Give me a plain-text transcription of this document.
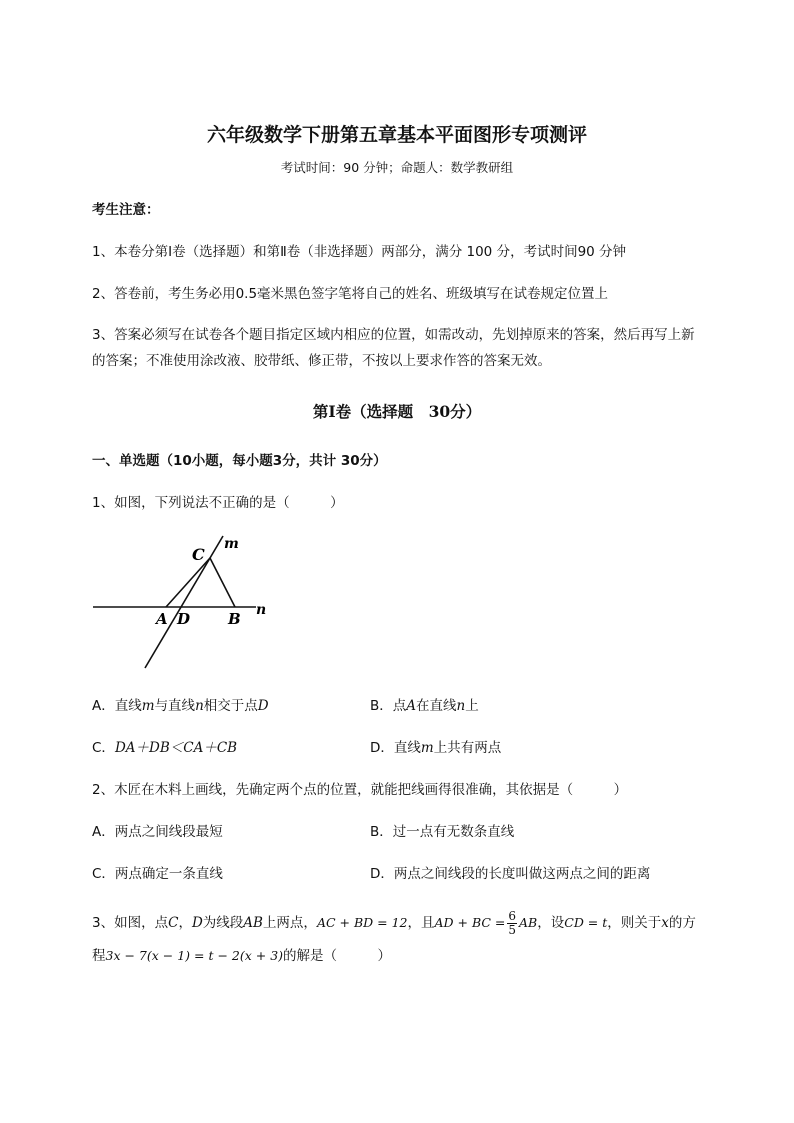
六年级数学下册第五章基本平面图形专项测评
考试时间：90 分钟；命题人：数学教研组
考生注意：
1、本卷分第Ⅰ卷（选择题）和第Ⅱ卷（非选择题）两部分，满分 100 分，考试时间90 分钟
2、答卷前，考生务必用0.5毫米黑色签字笔将自己的姓名、班级填写在试卷规定位置上
3、答案必须写在试卷各个题目指定区域内相应的位置，如需改动，先划掉原来的答案，然后再写上新
的答案；不准使用涂改液、胶带纸、修正带，不按以上要求作答的答案无效。
第Ⅰ卷（选择题　30分）
一、单选题（10小题，每小题3分，共计 30分）
1、如图，下列说法不正确的是（　　　）
C
m
A D	B n
A．直线m与直线n相交于点D	B．点A在直线n上
C．DA＋DB＜CA＋CB	D．直线m上共有两点
2、木匠在木料上画线，先确定两个点的位置，就能把线画得很准确，其依据是（　　　）
A．两点之间线段最短	B．过一点有无数条直线
C．两点确定一条直线	D．两点之间线段的长度叫做这两点之间的距离
3、如图，点C，D为线段AB上两点，AC + BD = 12，且AD + BC = $\frac{6}{5}$ AB，设CD = t，则关于x的方
程3x − 7(x − 1) = t − 2(x + 3)的解是（　　　）
